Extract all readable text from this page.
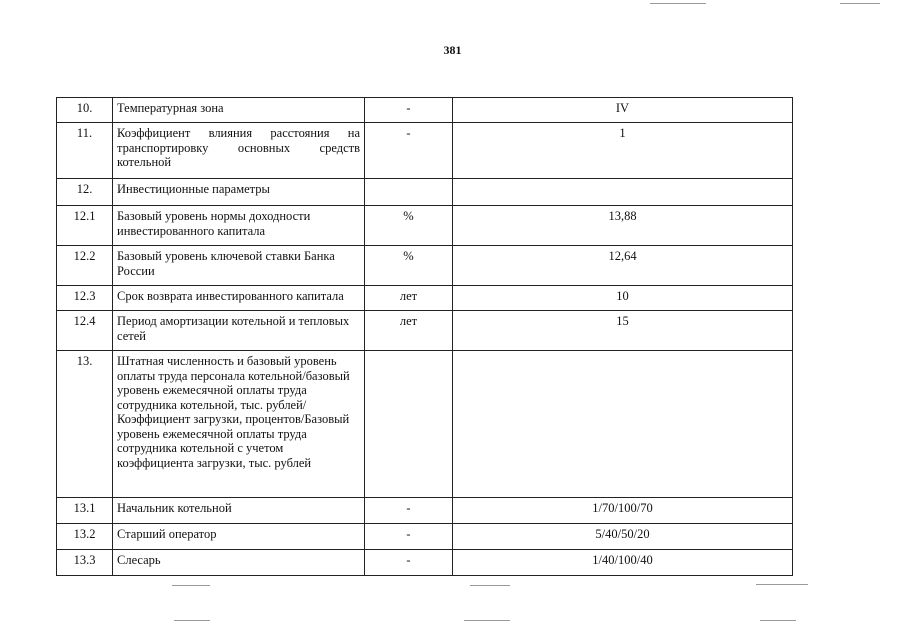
381
10.	Температурная зона	-	IV
11.	Коэффициент влияния расстояния на транспортировку основных средств котельной	-	1
12.	Инвестиционные параметры		
12.1	Базовый уровень нормы доходности инвестированного капитала	%	13,88
12.2	Базовый уровень ключевой ставки Банка России	%	12,64
12.3	Срок возврата инвестированного капитала	лет	10
12.4	Период амортизации котельной и тепловых сетей	лет	15
13.	Штатная численность и базовый уровень оплаты труда персонала котельной/базовый уровень ежемесячной оплаты труда сотрудника котельной, тыс. рублей/Коэффициент загрузки, процентов/Базовый уровень ежемесячной оплаты труда сотрудника котельной с учетом коэффициента загрузки, тыс. рублей		
13.1	Начальник котельной	-	1/70/100/70
13.2	Старший оператор	-	5/40/50/20
13.3	Слесарь	-	1/40/100/40
